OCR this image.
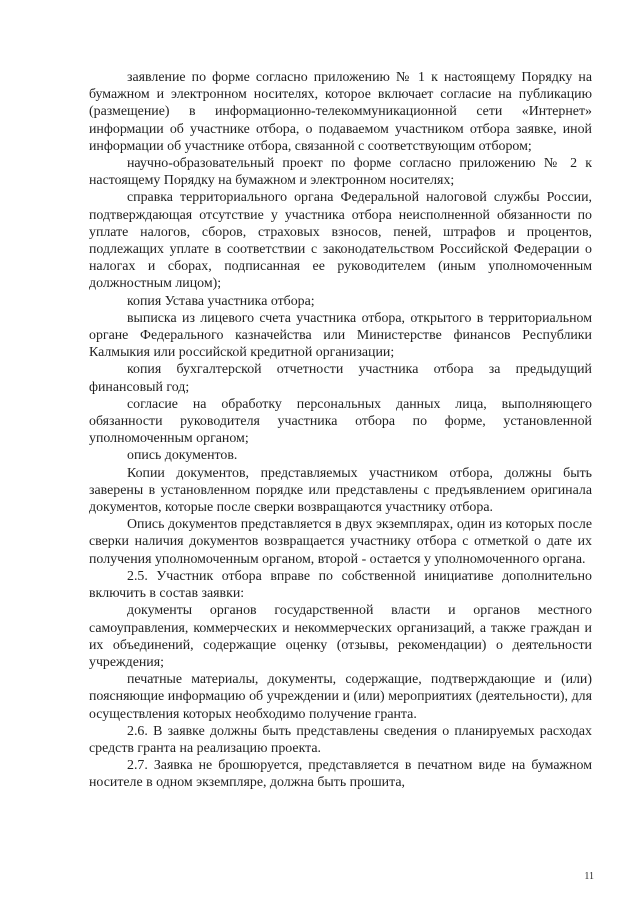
заявление по форме согласно приложению № 1 к настоящему Порядку на бумажном и электронном носителях, которое включает согласие на публикацию (размещение) в информационно-телекоммуникационной сети «Интернет» информации об участнике отбора, о подаваемом участником отбора заявке, иной информации об участнике отбора, связанной с соответствующим отбором;

научно-образовательный проект по форме согласно приложению № 2 к настоящему Порядку на бумажном и электронном носителях;

справка территориального органа Федеральной налоговой службы России, подтверждающая отсутствие у участника отбора неисполненной обязанности по уплате налогов, сборов, страховых взносов, пеней, штрафов и процентов, подлежащих уплате в соответствии с законодательством Российской Федерации о налогах и сборах, подписанная ее руководителем (иным уполномоченным должностным лицом);

копия Устава участника отбора;

выписка из лицевого счета участника отбора, открытого в территориальном органе Федерального казначейства или Министерстве финансов Республики Калмыкия или российской кредитной организации;

копия бухгалтерской отчетности участника отбора за предыдущий финансовый год;

согласие на обработку персональных данных лица, выполняющего обязанности руководителя участника отбора по форме, установленной уполномоченным органом;

опись документов.

Копии документов, представляемых участником отбора, должны быть заверены в установленном порядке или представлены с предъявлением оригинала документов, которые после сверки возвращаются участнику отбора.

Опись документов представляется в двух экземплярах, один из которых после сверки наличия документов возвращается участнику отбора с отметкой о дате их получения уполномоченным органом, второй - остается у уполномоченного органа.

2.5. Участник отбора вправе по собственной инициативе дополнительно включить в состав заявки:

документы органов государственной власти и органов местного самоуправления, коммерческих и некоммерческих организаций, а также граждан и их объединений, содержащие оценку (отзывы, рекомендации) о деятельности учреждения;

печатные материалы, документы, содержащие, подтверждающие и (или) поясняющие информацию об учреждении и (или) мероприятиях (деятельности), для осуществления которых необходимо получение гранта.

2.6. В заявке должны быть представлены сведения о планируемых расходах средств гранта на реализацию проекта.

2.7. Заявка не брошюруется, представляется в печатном виде на бумажном носителе в одном экземпляре, должна быть прошита,

11
